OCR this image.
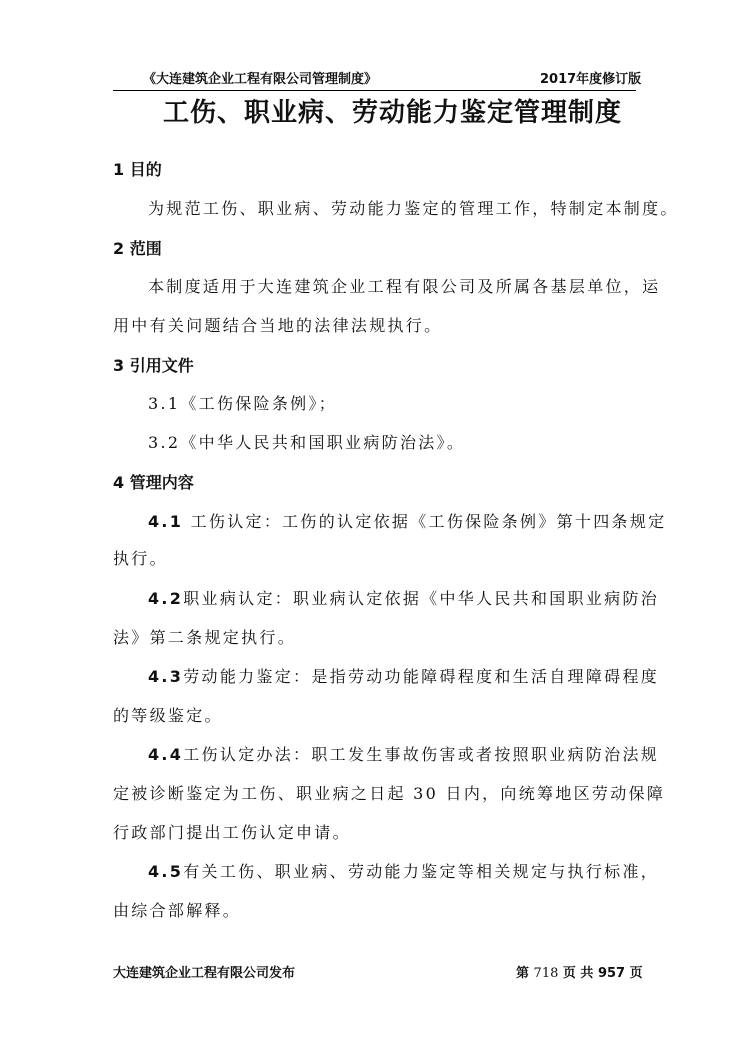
《大连建筑企业工程有限公司管理制度》	2017年度修订版
工伤、职业病、劳动能力鉴定管理制度
1 目的
为规范工伤、职业病、劳动能力鉴定的管理工作，特制定本制度。
2 范围
本制度适用于大连建筑企业工程有限公司及所属各基层单位，运
用中有关问题结合当地的法律法规执行。
3 引用文件
3.1《工伤保险条例》；
3.2《中华人民共和国职业病防治法》。
4 管理内容
4.1 工伤认定：工伤的认定依据《工伤保险条例》第十四条规定
执行。
4.2职业病认定：职业病认定依据《中华人民共和国职业病防治
法》第二条规定执行。
4.3劳动能力鉴定：是指劳动功能障碍程度和生活自理障碍程度
的等级鉴定。
4.4工伤认定办法：职工发生事故伤害或者按照职业病防治法规
定被诊断鉴定为工伤、职业病之日起 30 日内，向统筹地区劳动保障
行政部门提出工伤认定申请。
4.5有关工伤、职业病、劳动能力鉴定等相关规定与执行标准，
由综合部解释。
大连建筑企业工程有限公司发布	第 718 页 共 957 页
